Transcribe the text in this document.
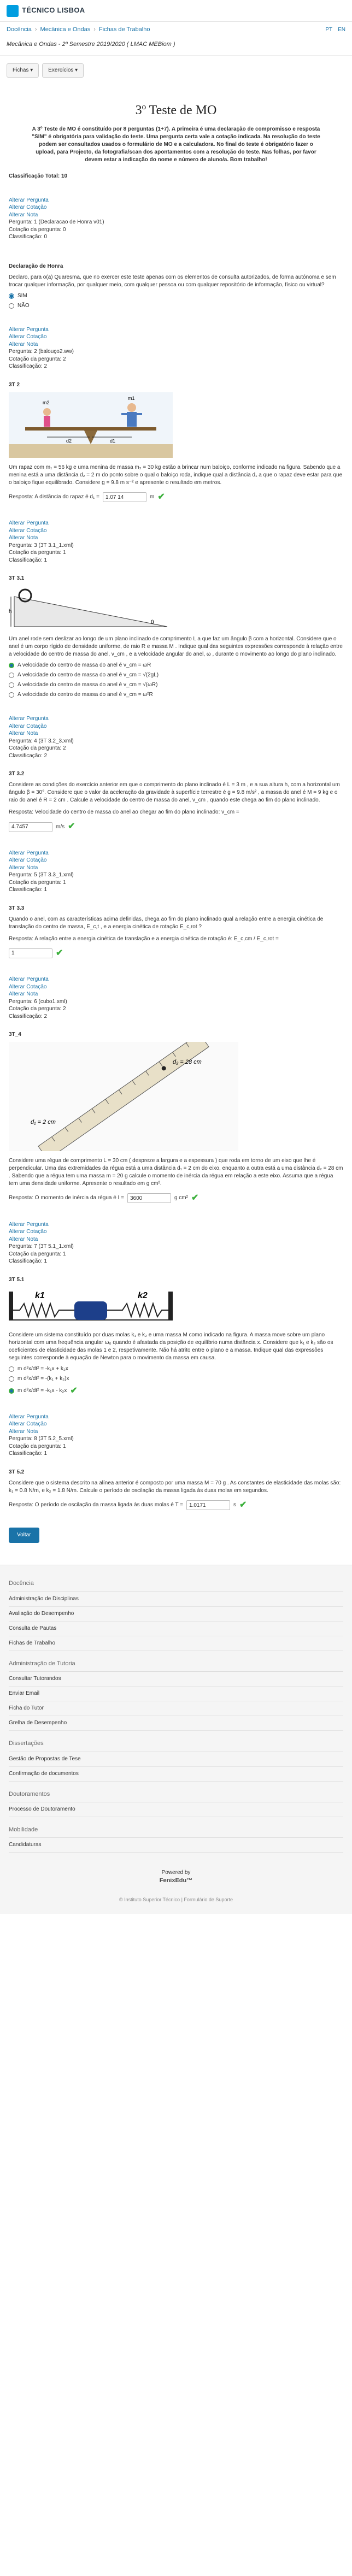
TÉCNICO LISBOA
Docência › Mecânica e Ondas › Fichas de Trabalho	PT EN
Mecânica e Ondas - 2º Semestre 2019/2020 ( LMAC MEBiom )
Fichas ▾	Exercícios ▾
3º Teste de MO
A 3º Teste de MO é constituído por 8 perguntas (1+7). A primeira é uma declaração de compromisso e resposta "SIM" é obrigatória para validação do teste. Uma pergunta certa vale a cotação indicada. Na resolução do teste podem ser consultados usados o formulário de MO e a calculadora. No final do teste é obrigatório fazer o upload, para Projecto, da fotografia/scan dos apontamentos com a resolução do teste. Nas folhas, por favor devem estar a indicação do nome e número de aluno/a. Bom trabalho!
Classificação Total: 10
Alterar Pergunta
Alterar Cotação
Alterar Nota
Pergunta: 1 (Declaracao de Honra v01)
Cotação da pergunta: 0
Classificação: 0
Declaração de Honra
Declaro, para o(a) Quaresma, que no exercer este teste apenas com os elementos de consulta autorizados, de forma autónoma e sem trocar qualquer informação, por qualquer meio, com qualquer pessoa ou com qualquer repositório de informação, físico ou virtual?
SIM
NÃO
Alterar Pergunta
Alterar Cotação
Alterar Nota
Pergunta: 2 (balouço2.ww)
Cotação da pergunta: 2
Classificação: 2
3T 2
m2
m1
d2	d1
Um rapaz com m₁ = 56 kg e uma menina de massa m₂ = 30 kg estão a brincar num baloiço, conforme indicado na figura. Sabendo que a menina está a uma distância d₂ = 2 m do ponto sobre o qual o baloiço roda, indique qual a distância d₁ a que o rapaz deve estar para que o baloiço fique equilibrado. Considere g = 9.8 m s⁻² e apresente o resultado em metros.
Resposta: A distância do rapaz é d₁ =
1.07 14	m ✔
Alterar Pergunta
Alterar Cotação
Alterar Nota
Pergunta: 3 (3T 3.1_1.xml)
Cotação da pergunta: 1
Classificação: 1
3T 3.1
h
θ
Um anel rode sem deslizar ao longo de um plano inclinado de comprimento L a que faz um ângulo β com a horizontal. Considere que o anel é um corpo rígido de densidade uniforme, de raio R e massa M . Indique qual das seguintes expressões corresponde à relação entre a velocidade do centro de massa do anel, v_cm , e a velocidade angular do anel, ω , durante o movimento ao longo do plano inclinado.
A velocidade do centro de massa do anel é v_cm = ωR
A velocidade do centro de massa do anel é v_cm = √(2gL)
A velocidade do centro de massa do anel é v_cm = √(ωR)
A velocidade do centro de massa do anel é v_cm = ω²R
Alterar Pergunta
Alterar Cotação
Alterar Nota
Pergunta: 4 (3T 3.2_3.xml)
Cotação da pergunta: 2
Classificação: 2
3T 3.2
Considere as condições do exercício anterior em que o comprimento do plano inclinado é L = 3 m , e a sua altura h, com a horizontal um ângulo β = 30°. Considere que o valor da aceleração da gravidade à superfície terrestre é g = 9.8 m/s² , a massa do anel é M = 9 kg e o raio do anel é R = 2 cm . Calcule a velocidade do centro de massa do anel, v_cm , quando este chega ao fim do plano inclinado.
Resposta: Velocidade do centro de massa do anel ao chegar ao fim do plano inclinado: v_cm =
4.7457
m/s ✔
Alterar Pergunta
Alterar Cotação
Alterar Nota
Pergunta: 5 (3T 3.3_1.xml)
Cotação da pergunta: 1
Classificação: 1
3T 3.3
Quando o anel, com as características acima definidas, chega ao fim do plano inclinado qual a relação entre a energia cinética de translação do centro de massa, E_c,t , e a energia cinética de rotação E_c,rot ?
Resposta: A relação entre a energia cinética de translação e a energia cinética de rotação é: E_c,cm / E_c,rot =
1
✔
Alterar Pergunta
Alterar Cotação
Alterar Nota
Pergunta: 6 (cubo1.xml)
Cotação da pergunta: 2
Classificação: 2
3T_4
d₁ = 2 cm
d₂ = 28 cm
Considere uma régua de comprimento L = 30 cm ( despreze a largura e a espessura ) que roda em torno de um eixo que lhe é perpendicular. Uma das extremidades da régua está a uma distância d₁ = 2 cm do eixo, enquanto a outra está a uma distância d₂ = 28 cm . Sabendo que a régua tem uma massa m = 20 g calcule o momento de inércia da régua em relação a este eixo. Assuma que a régua tem uma densidade uniforme. Apresente o resultado em g cm².
Resposta: O momento de inércia da régua é I =
3600	g cm² ✔
Alterar Pergunta
Alterar Cotação
Alterar Nota
Pergunta: 7 (3T 5.1_1.xml)
Cotação da pergunta: 1
Classificação: 1
3T 5.1
k1	k2
Considere um sistema constituído por duas molas k₁ e k₂ e uma massa M como indicado na figura. A massa move sobre um plano horizontal com uma frequência angular ω₀ quando é afastada da posição de equilíbrio numa distância x. Considere que k₁ e k₂ são os coeficientes de elasticidade das molas 1 e 2, respetivamente. Não há atrito entre o plano e a massa. Indique qual das expressões seguintes corresponde à equação de Newton para o movimento da massa em causa.
m d²x/dt² = -k₁x + k₂x
m d²x/dt² = -(k₁ + k₂)x
m d²x/dt² = -k₁x - k₂x ✔
Alterar Pergunta
Alterar Cotação
Alterar Nota
Pergunta: 8 (3T 5.2_5.xml)
Cotação da pergunta: 1
Classificação: 1
3T 5.2
Considere que o sistema descrito na alínea anterior é composto por uma massa M = 70 g . As constantes de elasticidade das molas são: k₁ = 0.8 N/m, e k₂ = 1.8 N/m. Calcule o período de oscilação da massa ligada às duas molas em segundos.
Resposta: O período de oscilação da massa ligada às duas molas é T =
1.0171	s ✔
Voltar
Docência
Administração de Disciplinas
Avaliação do Desempenho
Consulta de Pautas
Fichas de Trabalho
Administração de Tutoria
Consultar Tutorandos
Enviar Email
Ficha do Tutor
Grelha de Desempenho
Dissertações
Gestão de Propostas de Tese
Confirmação de documentos
Doutoramentos
Processo de Doutoramento
Mobilidade
Candidaturas
Powered by
FenixEdu™
© Instituto Superior Técnico | Formulário de Suporte
